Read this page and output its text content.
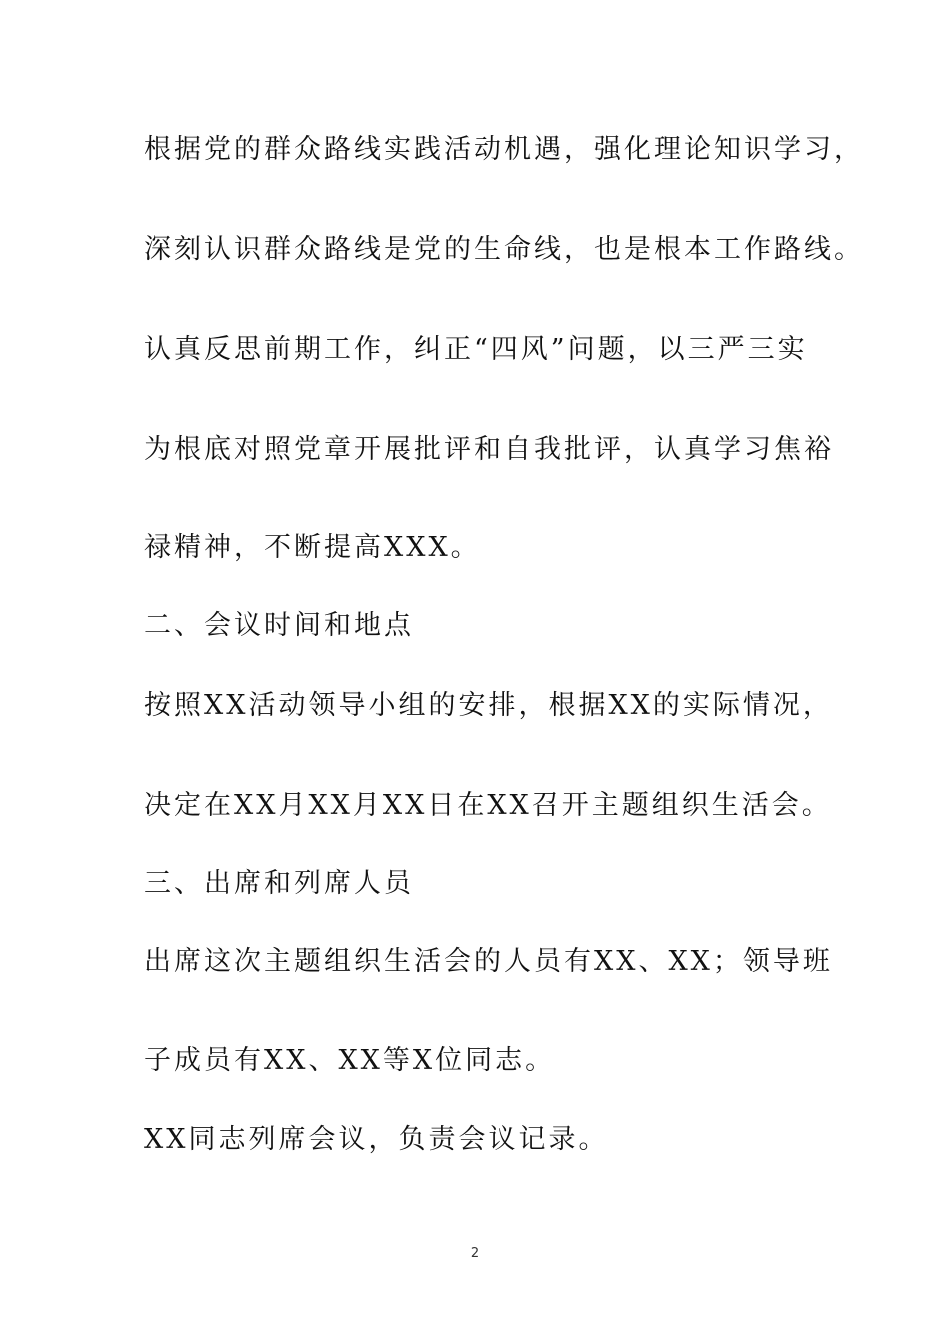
根据党的群众路线实践活动机遇，强化理论知识学习，
深刻认识群众路线是党的生命线，也是根本工作路线。
认真反思前期工作，纠正“四风”问题，以三严三实
为根底对照党章开展批评和自我批评，认真学习焦裕
禄精神，不断提高XXX。
二、会议时间和地点
按照XX活动领导小组的安排，根据XX的实际情况，
决定在XX月XX月XX日在XX召开主题组织生活会。
三、出席和列席人员
出席这次主题组织生活会的人员有XX、XX；领导班
子成员有XX、XX等X位同志。
XX同志列席会议，负责会议记录。
2
